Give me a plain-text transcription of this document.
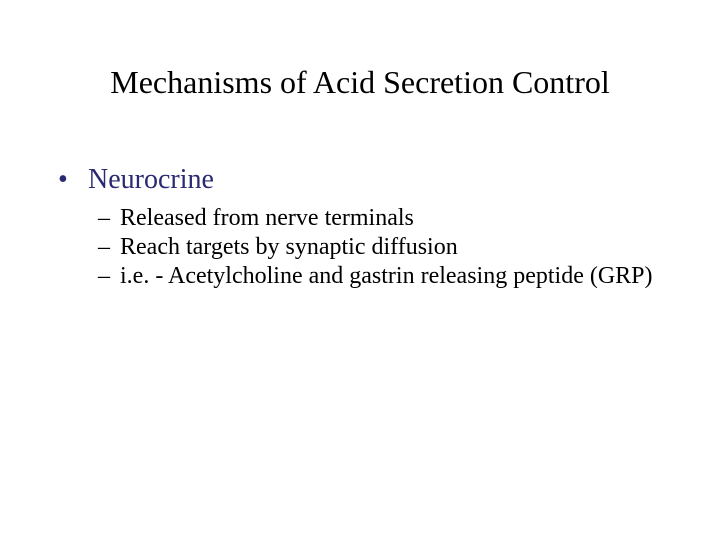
Mechanisms of Acid Secretion Control
• Neurocrine
– Released from nerve terminals
– Reach targets by synaptic diffusion
– i.e. - Acetylcholine and gastrin releasing peptide (GRP)
